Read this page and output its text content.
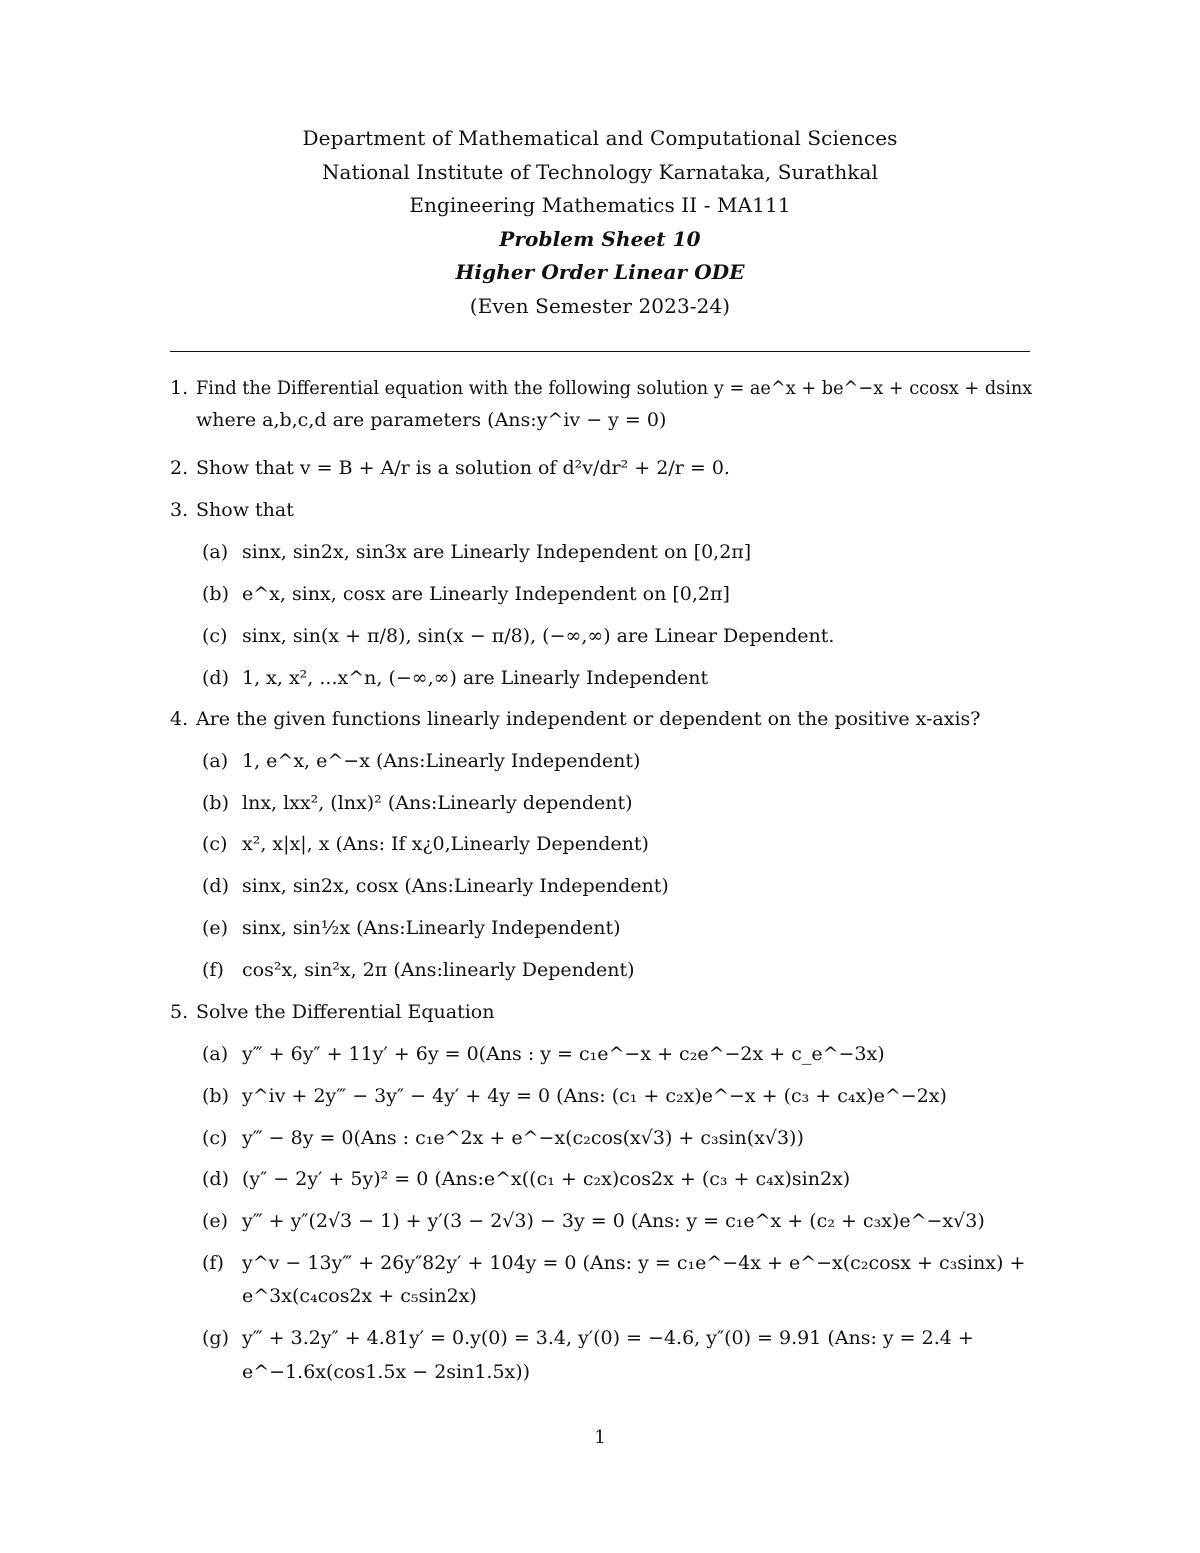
Department of Mathematical and Computational Sciences
National Institute of Technology Karnataka, Surathkal
Engineering Mathematics II - MA111
Problem Sheet 10
Higher Order Linear ODE
(Even Semester 2023-24)
1. Find the Differential equation with the following solution y = ae^x + be^−x + ccosx + dsinx
where a,b,c,d are parameters (Ans:y^iv − y = 0)
2. Show that v = B + A/r is a solution of d²v/dr² + 2/r = 0.
3. Show that
(a) sinx, sin2x, sin3x are Linearly Independent on [0,2π]
(b) e^x, sinx, cosx are Linearly Independent on [0,2π]
(c) sinx, sin(x + π/8), sin(x − π/8), (−∞,∞) are Linear Dependent.
(d) 1, x, x², ...x^n, (−∞,∞) are Linearly Independent
4. Are the given functions linearly independent or dependent on the positive x-axis?
(a) 1, e^x, e^−x (Ans:Linearly Independent)
(b) lnx, lxx², (lnx)² (Ans:Linearly dependent)
(c) x², x|x|, x (Ans: If x¿0,Linearly Dependent)
(d) sinx, sin2x, cosx (Ans:Linearly Independent)
(e) sinx, sin½x (Ans:Linearly Independent)
(f) cos²x, sin²x, 2π (Ans:linearly Dependent)
5. Solve the Differential Equation
(a) y‴ + 6y″ + 11y′ + 6y = 0(Ans : y = c₁e^−x + c₂e^−2x + c_e^−3x)
(b) y^iv + 2y‴ − 3y″ − 4y′ + 4y = 0 (Ans: (c₁ + c₂x)e^−x + (c₃ + c₄x)e^−2x)
(c) y‴ − 8y = 0(Ans : c₁e^2x + e^−x(c₂cos(x√3) + c₃sin(x√3))
(d) (y″ − 2y′ + 5y)² = 0 (Ans:e^x((c₁ + c₂x)cos2x + (c₃ + c₄x)sin2x)
(e) y‴ + y″(2√3 − 1) + y′(3 − 2√3) − 3y = 0 (Ans: y = c₁e^x + (c₂ + c₃x)e^−x√3)
(f) y^v − 13y‴ + 26y″82y′ + 104y = 0 (Ans: y = c₁e^−4x + e^−x(c₂cosx + c₃sinx) +
e^3x(c₄cos2x + c₅sin2x)
(g) y‴ + 3.2y″ + 4.81y′ = 0.y(0) = 3.4, y′(0) = −4.6, y″(0) = 9.91 (Ans: y = 2.4 +
e^−1.6x(cos1.5x − 2sin1.5x))
1
